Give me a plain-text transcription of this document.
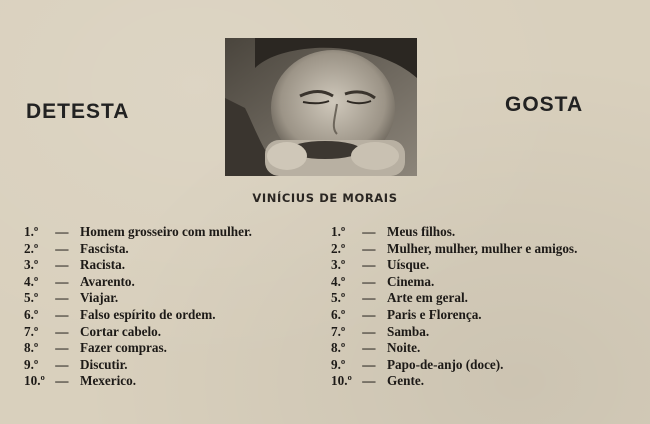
DETESTA	GOSTA
VINÍCIUS DE MORAIS
1.º — Homem grosseiro com mulher.
2.º — Fascista.
3.º — Racista.
4.º — Avarento.
5.º — Viajar.
6.º — Falso espírito de ordem.
7.º — Cortar cabelo.
8.º — Fazer compras.
9.º — Discutir.
10.º — Mexerico.
1.º — Meus filhos.
2.º — Mulher, mulher, mulher e amigos.
3.º — Uísque.
4.º — Cinema.
5.º — Arte em geral.
6.º — Paris e Florença.
7.º — Samba.
8.º — Noite.
9.º — Papo-de-anjo (doce).
10.º — Gente.
